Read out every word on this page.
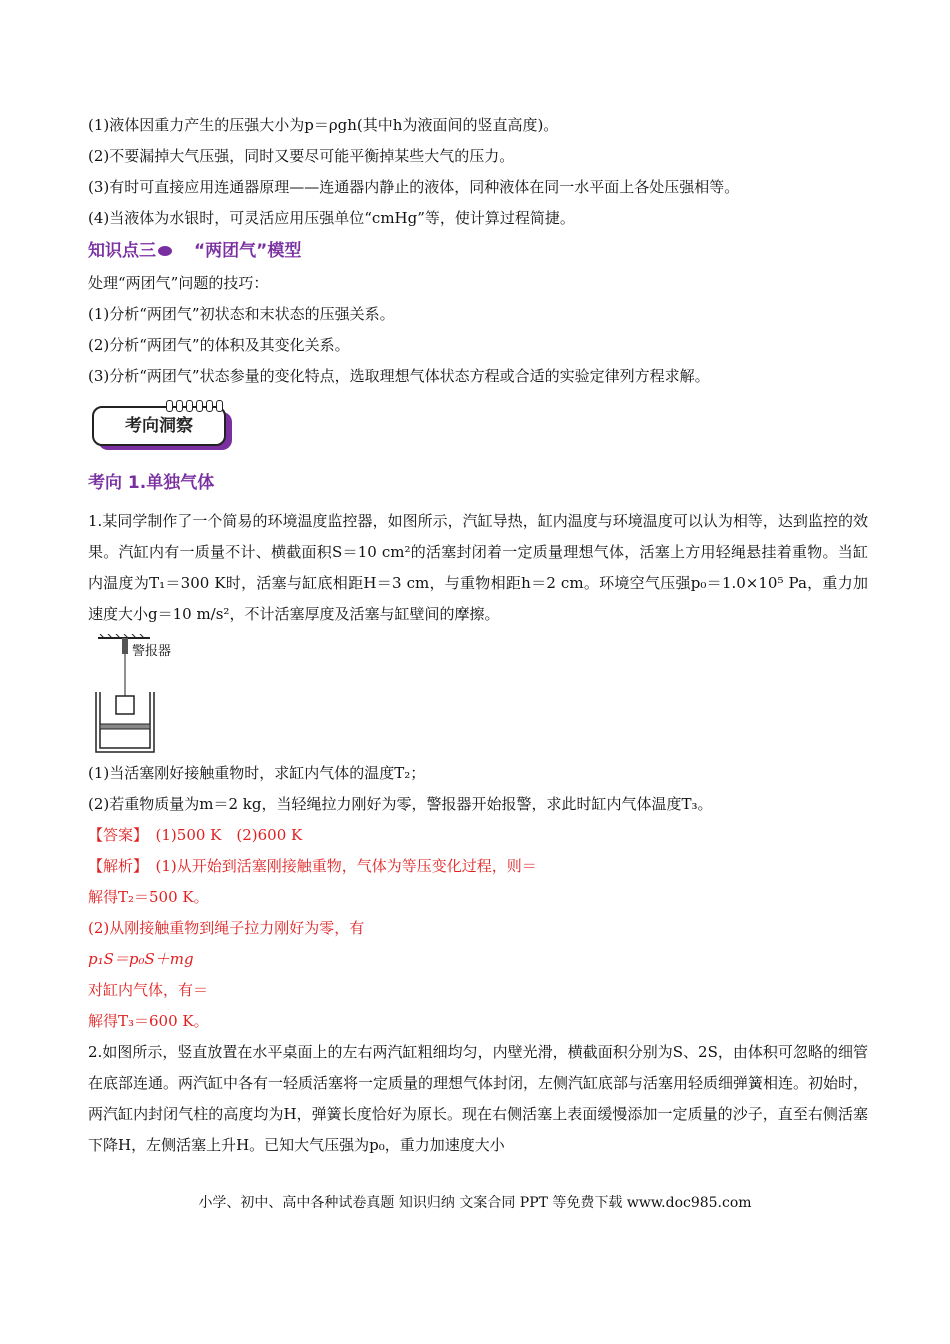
(1)液体因重力产生的压强大小为p＝ρgh(其中h为液面间的竖直高度)。
(2)不要漏掉大气压强，同时又要尽可能平衡掉某些大气的压力。
(3)有时可直接应用连通器原理——连通器内静止的液体，同种液体在同一水平面上各处压强相等。
(4)当液体为水银时，可灵活应用压强单位“cmHg”等，使计算过程简捷。
知识点三 “两团气”模型
处理“两团气”问题的技巧：
(1)分析“两团气”初状态和末状态的压强关系。
(2)分析“两团气”的体积及其变化关系。
(3)分析“两团气”状态参量的变化特点，选取理想气体状态方程或合适的实验定律列方程求解。
考向洞察
考向 1.单独气体
1.某同学制作了一个简易的环境温度监控器，如图所示，汽缸导热，缸内温度与环境温度可以认为相等，达到监控的效果。汽缸内有一质量不计、横截面积S＝10 cm²的活塞封闭着一定质量理想气体，活塞上方用轻绳悬挂着重物。当缸内温度为T₁＝300 K时，活塞与缸底相距H＝3 cm，与重物相距h＝2 cm。环境空气压强p₀＝1.0×10⁵ Pa，重力加速度大小g＝10 m/s²，不计活塞厚度及活塞与缸壁间的摩擦。
警报器
(1)当活塞刚好接触重物时，求缸内气体的温度T₂；
(2)若重物质量为m＝2 kg，当轻绳拉力刚好为零，警报器开始报警，求此时缸内气体温度T₃。
【答案】　 (1)500 K　(2)600 K
【解析】　 (1)从开始到活塞刚接触重物，气体为等压变化过程，则＝
解得T₂＝500 K。
(2)从刚接触重物到绳子拉力刚好为零，有
p₁S＝p₀S＋mg
对缸内气体，有＝
解得T₃＝600 K。
2.如图所示，竖直放置在水平桌面上的左右两汽缸粗细均匀，内壁光滑，横截面积分别为S、2S，由体积可忽略的细管在底部连通。两汽缸中各有一轻质活塞将一定质量的理想气体封闭，左侧汽缸底部与活塞用轻质细弹簧相连。初始时，两汽缸内封闭气柱的高度均为H，弹簧长度恰好为原长。现在右侧活塞上表面缓慢添加一定质量的沙子，直至右侧活塞下降H，左侧活塞上升H。已知大气压强为p₀，重力加速度大小
小学、初中、高中各种试卷真题 知识归纳 文案合同 PPT 等免费下载 www.doc985.com
